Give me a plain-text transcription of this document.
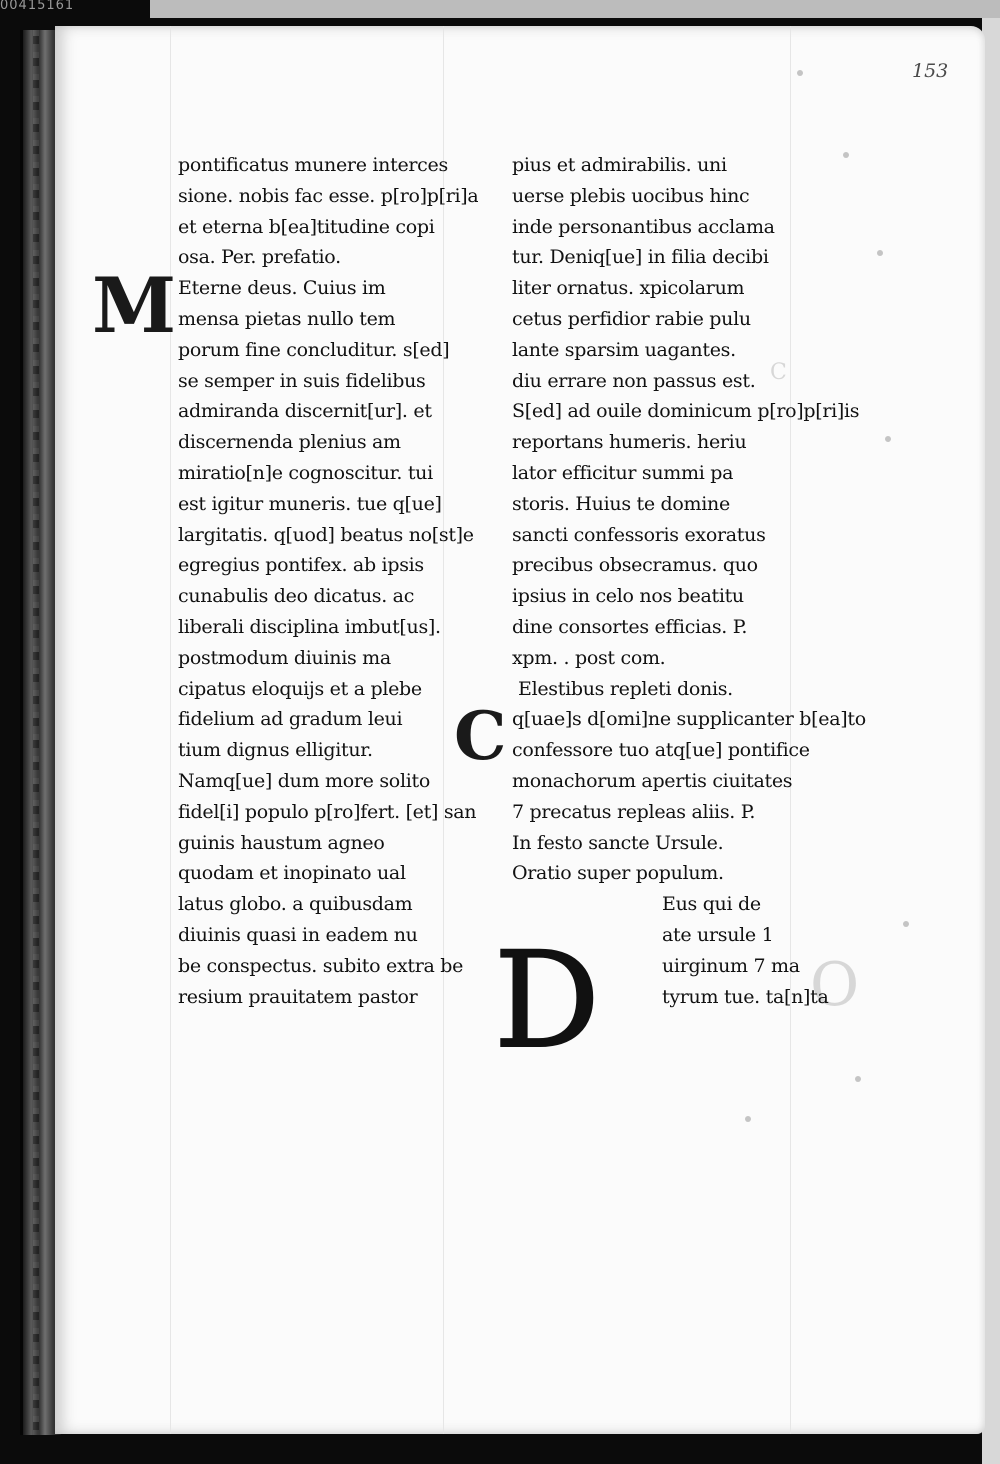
00415161
153
C
O
M
C
D
pontificatus munere interces
sione. nobis fac esse. p[ro]p[ri]a
et eterna b[ea]titudine copi
osa. Per. prefatio.
Eterne deus. Cuius im
mensa pietas nullo tem
porum fine concluditur. s[ed]
se semper in suis fidelibus
admiranda discernit[ur]. et
discernenda plenius am
miratio[n]e cognoscitur. tui
est igitur muneris. tue q[ue]
largitatis. q[uod] beatus no[st]e
egregius pontifex. ab ipsis
cunabulis deo dicatus. ac
liberali disciplina imbut[us].
postmodum diuinis ma
cipatus eloquijs et a plebe
fidelium ad gradum leui
tium dignus elligitur.
Namq[ue] dum more solito
fidel[i] populo p[ro]fert. [et] san
guinis haustum agneo
quodam et inopinato ual
latus globo. a quibusdam
diuinis quasi in eadem nu
be conspectus. subito extra be
resium prauitatem pastor
pius et admirabilis. uni
uerse plebis uocibus hinc
inde personantibus acclama
tur. Deniq[ue] in filia decibi
liter ornatus. xpicolarum
cetus perfidior rabie pulu
lante sparsim uagantes.
diu errare non passus est.
S[ed] ad ouile dominicum p[ro]p[ri]is
reportans humeris. heriu
lator efficitur summi pa
storis. Huius te domine
sancti confessoris exoratus
precibus obsecramus. quo
ipsius in celo nos beatitu
dine consortes efficias. P.
xpm. . post com.
Elestibus repleti donis.
q[uae]s d[omi]ne supplicanter b[ea]to
confessore tuo atq[ue] pontifice
monachorum apertis ciuitates
7 precatus repleas aliis. P.
In festo sancte Ursule.
Oratio super populum.
Eus qui de
ate ursule 1
uirginum 7 ma
tyrum tue. ta[n]ta
